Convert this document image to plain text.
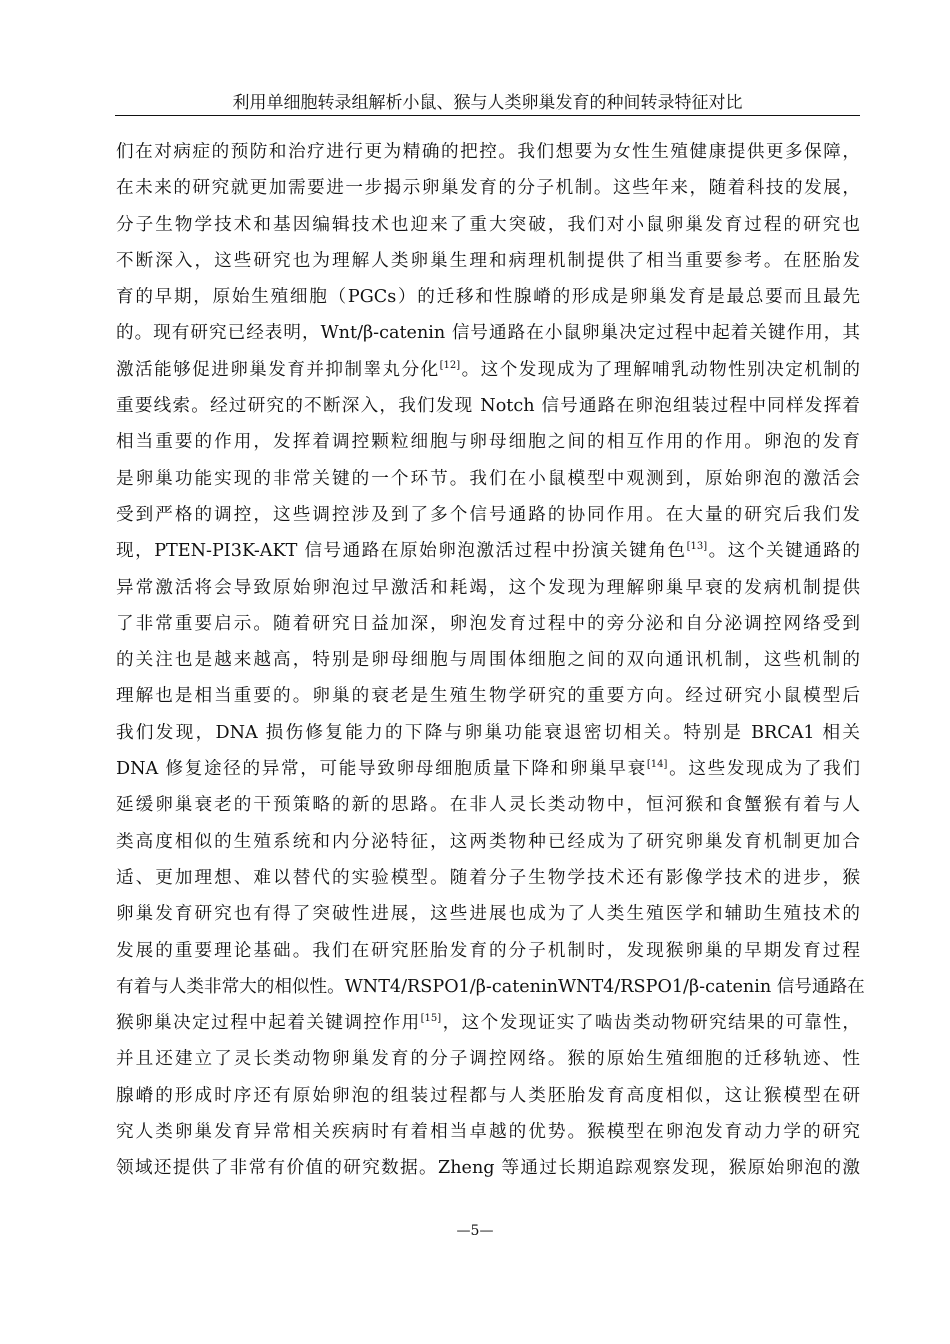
利用单细胞转录组解析小鼠、猴与人类卵巢发育的种间转录特征对比
们在对病症的预防和治疗进行更为精确的把控。我们想要为女性生殖健康提供更多保障，
在未来的研究就更加需要进一步揭示卵巢发育的分子机制。这些年来，随着科技的发展，
分子生物学技术和基因编辑技术也迎来了重大突破，我们对小鼠卵巢发育过程的研究也
不断深入，这些研究也为理解人类卵巢生理和病理机制提供了相当重要参考。在胚胎发
育的早期，原始生殖细胞（PGCs）的迁移和性腺嵴的形成是卵巢发育是最总要而且最先
的。现有研究已经表明，Wnt/β-catenin 信号通路在小鼠卵巢决定过程中起着关键作用，其
激活能够促进卵巢发育并抑制睾丸分化[12]。这个发现成为了理解哺乳动物性别决定机制的
重要线索。经过研究的不断深入，我们发现 Notch 信号通路在卵泡组装过程中同样发挥着
相当重要的作用，发挥着调控颗粒细胞与卵母细胞之间的相互作用的作用。卵泡的发育
是卵巢功能实现的非常关键的一个环节。我们在小鼠模型中观测到，原始卵泡的激活会
受到严格的调控，这些调控涉及到了多个信号通路的协同作用。在大量的研究后我们发
现，PTEN-PI3K-AKT 信号通路在原始卵泡激活过程中扮演关键角色[13]。这个关键通路的
异常激活将会导致原始卵泡过早激活和耗竭，这个发现为理解卵巢早衰的发病机制提供
了非常重要启示。随着研究日益加深，卵泡发育过程中的旁分泌和自分泌调控网络受到
的关注也是越来越高，特别是卵母细胞与周围体细胞之间的双向通讯机制，这些机制的
理解也是相当重要的。卵巢的衰老是生殖生物学研究的重要方向。经过研究小鼠模型后
我们发现，DNA 损伤修复能力的下降与卵巢功能衰退密切相关。特别是 BRCA1 相关
DNA 修复途径的异常，可能导致卵母细胞质量下降和卵巢早衰[14]。这些发现成为了我们
延缓卵巢衰老的干预策略的新的思路。在非人灵长类动物中，恒河猴和食蟹猴有着与人
类高度相似的生殖系统和内分泌特征，这两类物种已经成为了研究卵巢发育机制更加合
适、更加理想、难以替代的实验模型。随着分子生物学技术还有影像学技术的进步，猴
卵巢发育研究也有得了突破性进展，这些进展也成为了人类生殖医学和辅助生殖技术的
发展的重要理论基础。我们在研究胚胎发育的分子机制时，发现猴卵巢的早期发育过程
有着与人类非常大的相似性。WNT4/RSPO1/β-cateninWNT4/RSPO1/β-catenin 信号通路在
猴卵巢决定过程中起着关键调控作用[15]，这个发现证实了啮齿类动物研究结果的可靠性，
并且还建立了灵长类动物卵巢发育的分子调控网络。猴的原始生殖细胞的迁移轨迹、性
腺嵴的形成时序还有原始卵泡的组装过程都与人类胚胎发育高度相似，这让猴模型在研
究人类卵巢发育异常相关疾病时有着相当卓越的优势。猴模型在卵泡发育动力学的研究
领域还提供了非常有价值的研究数据。Zheng 等通过长期追踪观察发现，猴原始卵泡的激
—5—
